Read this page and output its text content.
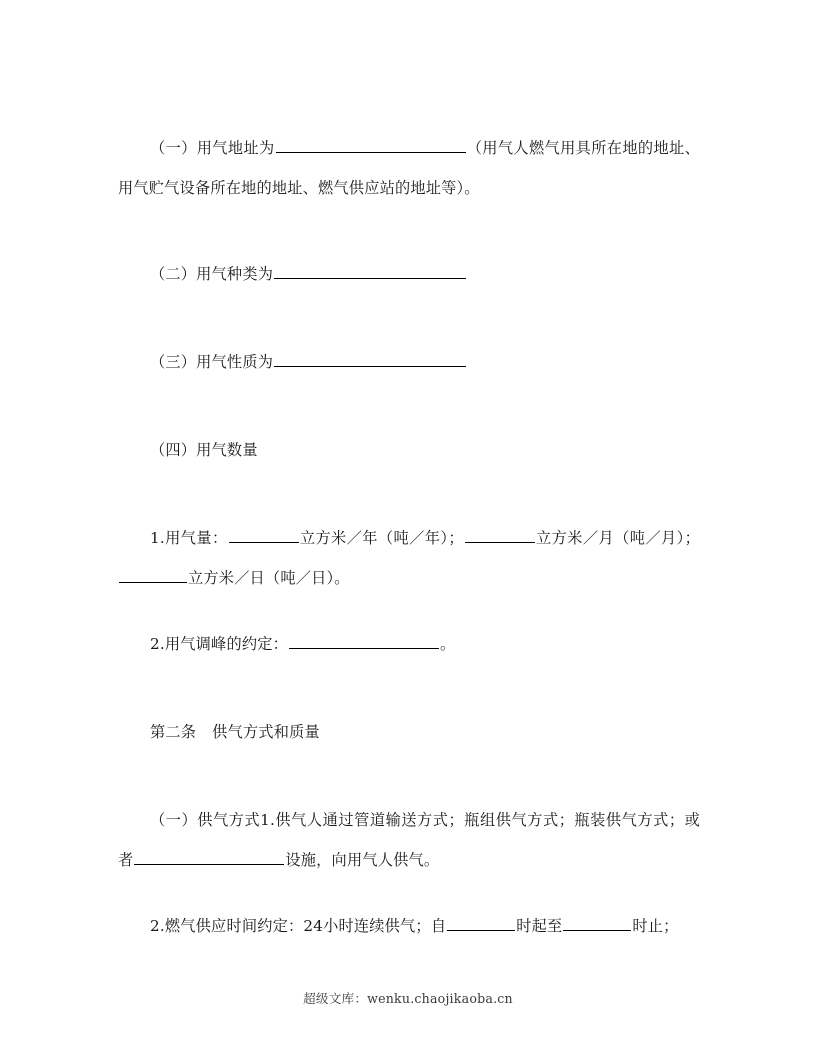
（一）用气地址为	（用气人燃气用具所在地的地址、用气贮气设备所在地的地址、燃气供应站的地址等）。

（二）用气种类为

（三）用气性质为

（四）用气数量

1.用气量：	立方米／年（吨／年）；	立方米／月（吨／月）；立方米／日（吨／日）。

2.用气调峰的约定：	。

第二条 供气方式和质量

（一）供气方式1.供气人通过管道输送方式；瓶组供气方式；瓶装供气方式；或者	设施，向用气人供气。

2.燃气供应时间约定：24小时连续供气；自	时起至	时止；

超级文库：wenku.chaojikaoba.cn
